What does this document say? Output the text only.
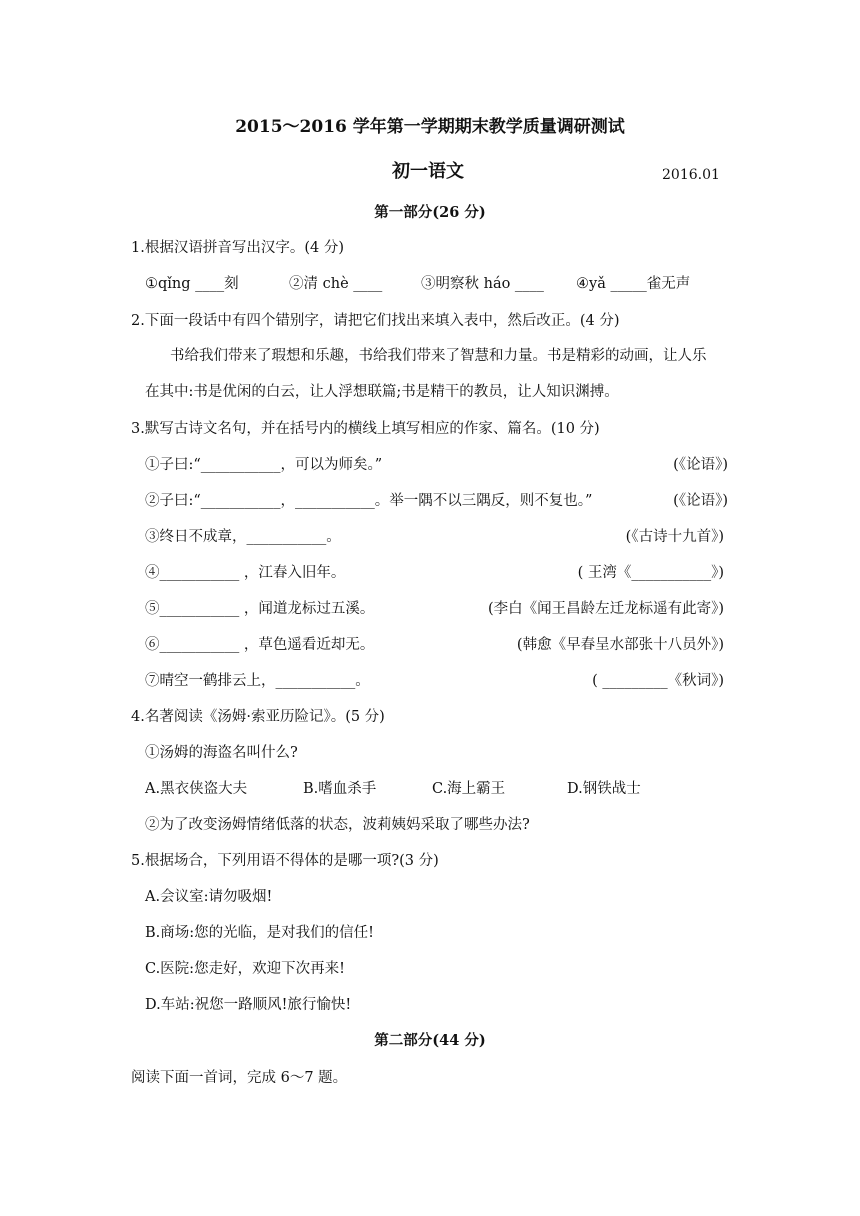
2015～2016 学年第一学期期末教学质量调研测试
初一语文	2016.01
第一部分(26 分)
1.根据汉语拼音写出汉字。(4 分)
①qǐng ____刻	②清 chè ____	③明察秋 háo ____ ④yǎ _____雀无声
2.下面一段话中有四个错别字，请把它们找出来填入表中，然后改正。(4 分)
书给我们带来了瑕想和乐趣，书给我们带来了智慧和力量。书是精彩的动画，让人乐
在其中:书是优闲的白云，让人浮想联篇;书是精干的教员，让人知识渊搏。
3.默写古诗文名句，并在括号内的横线上填写相应的作家、篇名。(10 分)
①子曰:“___________，可以为师矣。”	(《论语》)
②子曰:“___________，___________。举一隅不以三隅反，则不复也。”	(《论语》)
③终日不成章，___________。	(《古诗十九首》)
④___________ ，江春入旧年。	( 王湾《___________》)
⑤___________ ，闻道龙标过五溪。	(李白《闻王昌龄左迁龙标遥有此寄》)
⑥___________ ，草色遥看近却无。	(韩愈《早春呈水部张十八员外》)
⑦晴空一鹤排云上，___________。	( _________《秋词》)
4.名著阅读《汤姆·索亚历险记》。(5 分)
①汤姆的海盗名叫什么?
A.黑衣侠盗大夫	B.嗜血杀手	C.海上霸王	D.钢铁战士
②为了改变汤姆情绪低落的状态，波莉姨妈采取了哪些办法?
5.根据场合，下列用语不得体的是哪一项?(3 分)
A.会议室:请勿吸烟!
B.商场:您的光临，是对我们的信任!
C.医院:您走好，欢迎下次再来!
D.车站:祝您一路顺风!旅行愉快!
第二部分(44 分)
阅读下面一首词，完成 6～7 题。
